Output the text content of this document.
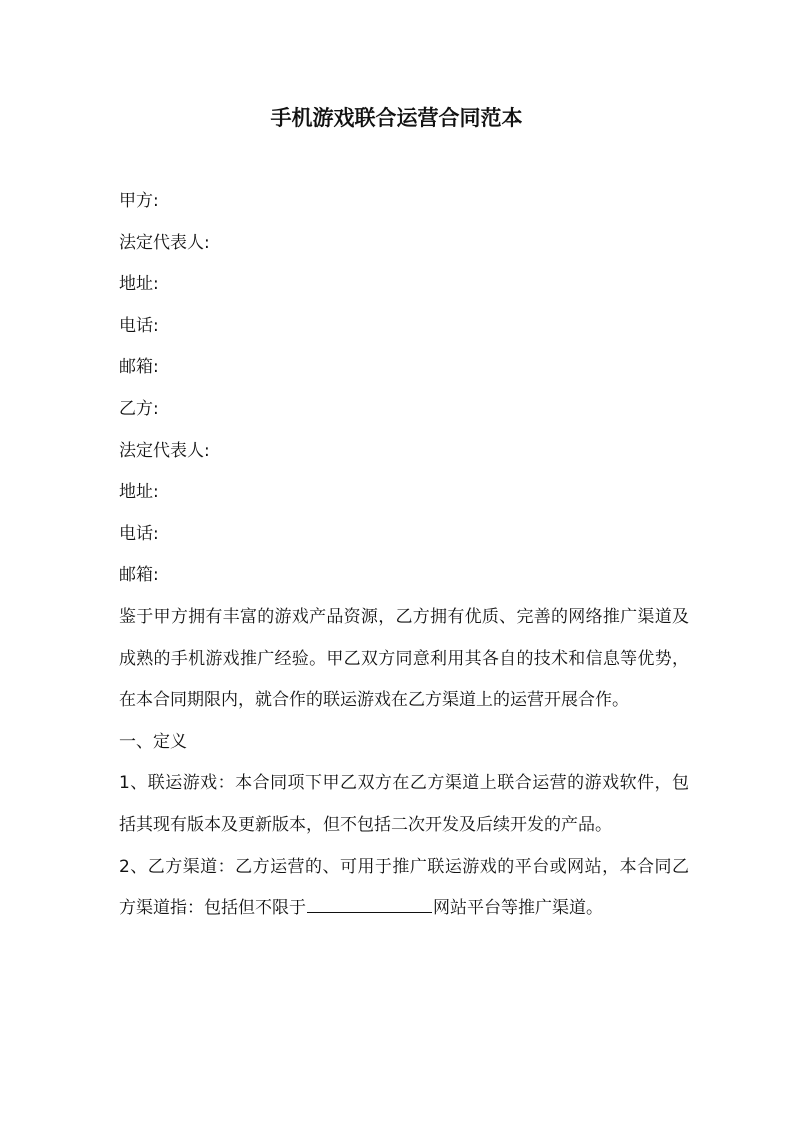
手机游戏联合运营合同范本

甲方:

法定代表人:

地址:

电话:

邮箱:

乙方:

法定代表人:

地址:

电话:

邮箱:

鉴于甲方拥有丰富的游戏产品资源，乙方拥有优质、完善的网络推广渠道及成熟的手机游戏推广经验。甲乙双方同意利用其各自的技术和信息等优势，在本合同期限内，就合作的联运游戏在乙方渠道上的运营开展合作。

一、定义

1、联运游戏：本合同项下甲乙双方在乙方渠道上联合运营的游戏软件，包括其现有版本及更新版本，但不包括二次开发及后续开发的产品。

2、乙方渠道：乙方运营的、可用于推广联运游戏的平台或网站，本合同乙方渠道指：包括但不限于	网站平台等推广渠道。
